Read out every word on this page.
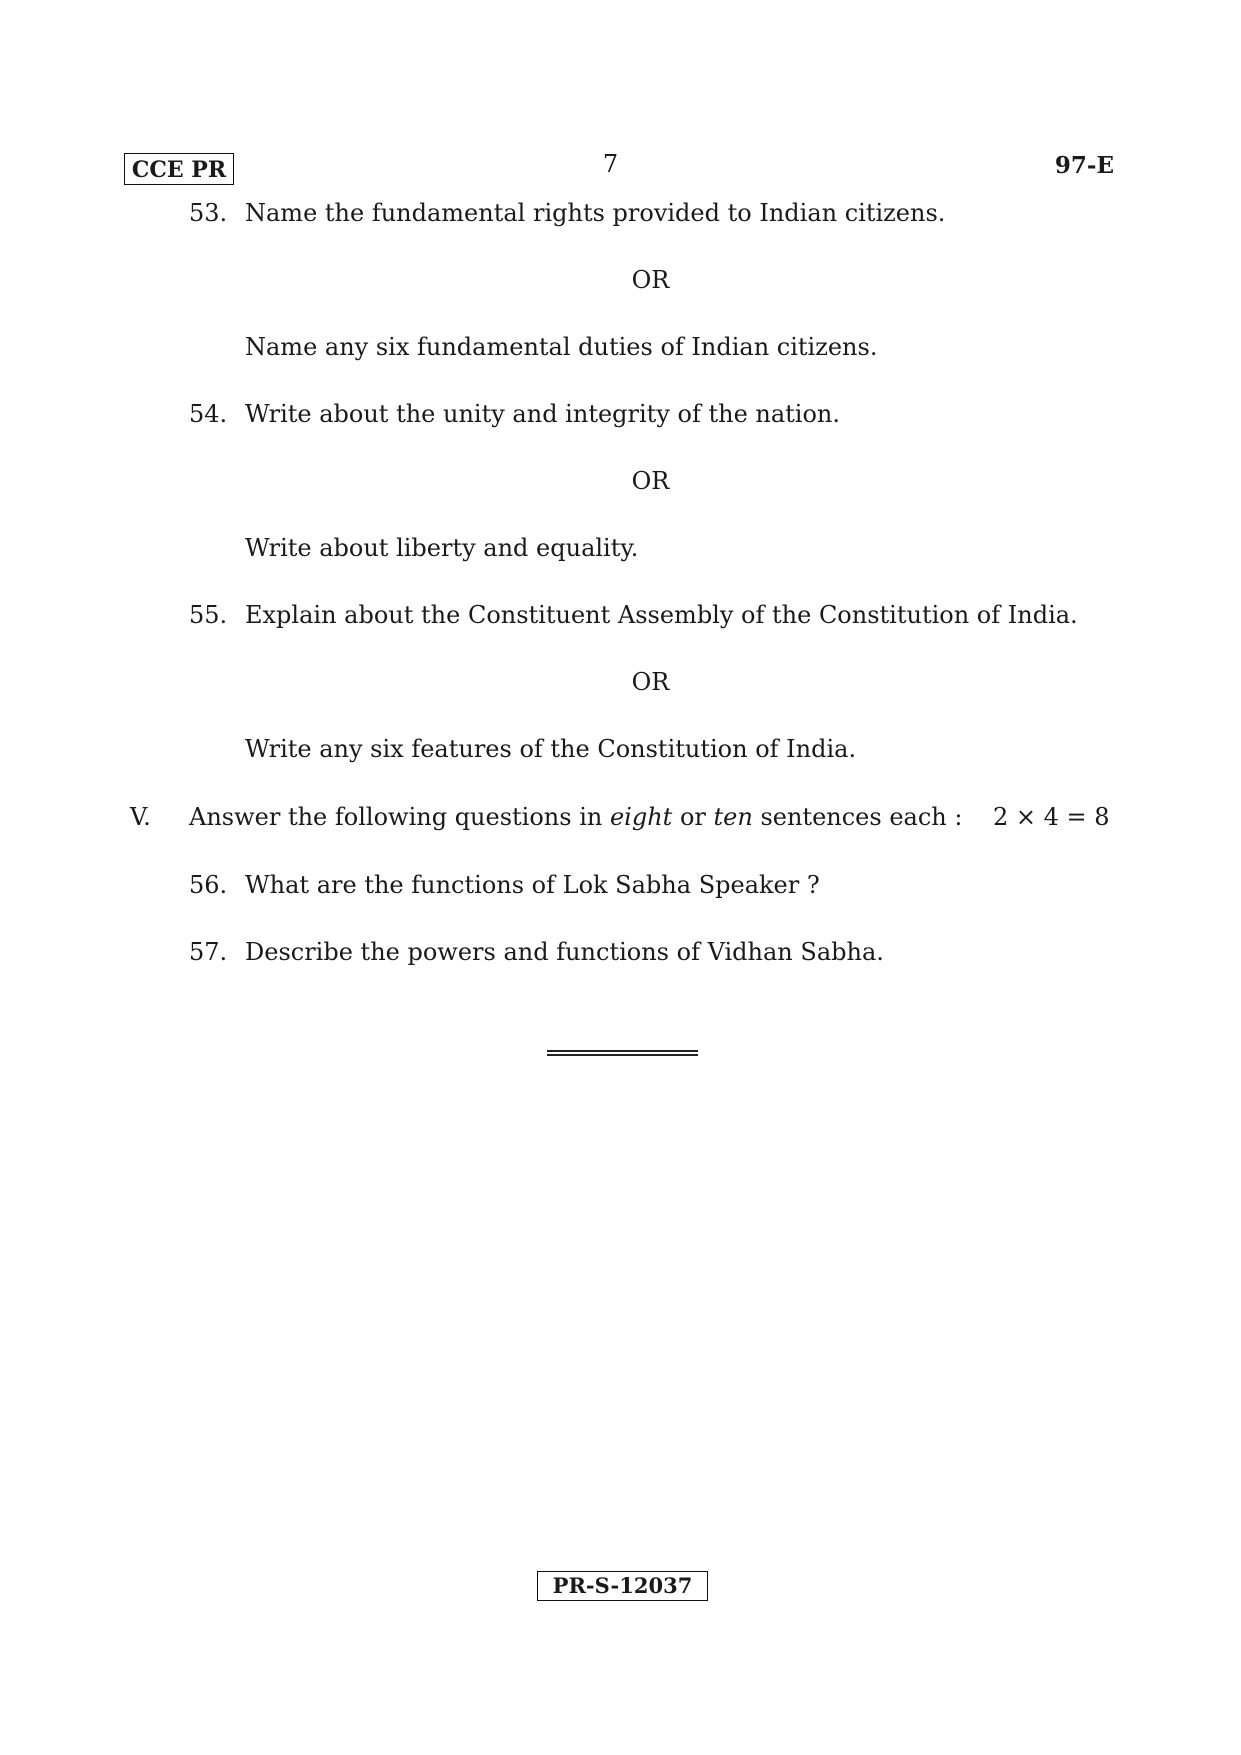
CCE PR	7	97-E
53. Name the fundamental rights provided to Indian citizens.
OR
Name any six fundamental duties of Indian citizens.
54. Write about the unity and integrity of the nation.
OR
Write about liberty and equality.
55. Explain about the Constituent Assembly of the Constitution of India.
OR
Write any six features of the Constitution of India.
V. Answer the following questions in eight or ten sentences each : 2 × 4 = 8
56. What are the functions of Lok Sabha Speaker ?
57. Describe the powers and functions of Vidhan Sabha.
PR-S-12037
